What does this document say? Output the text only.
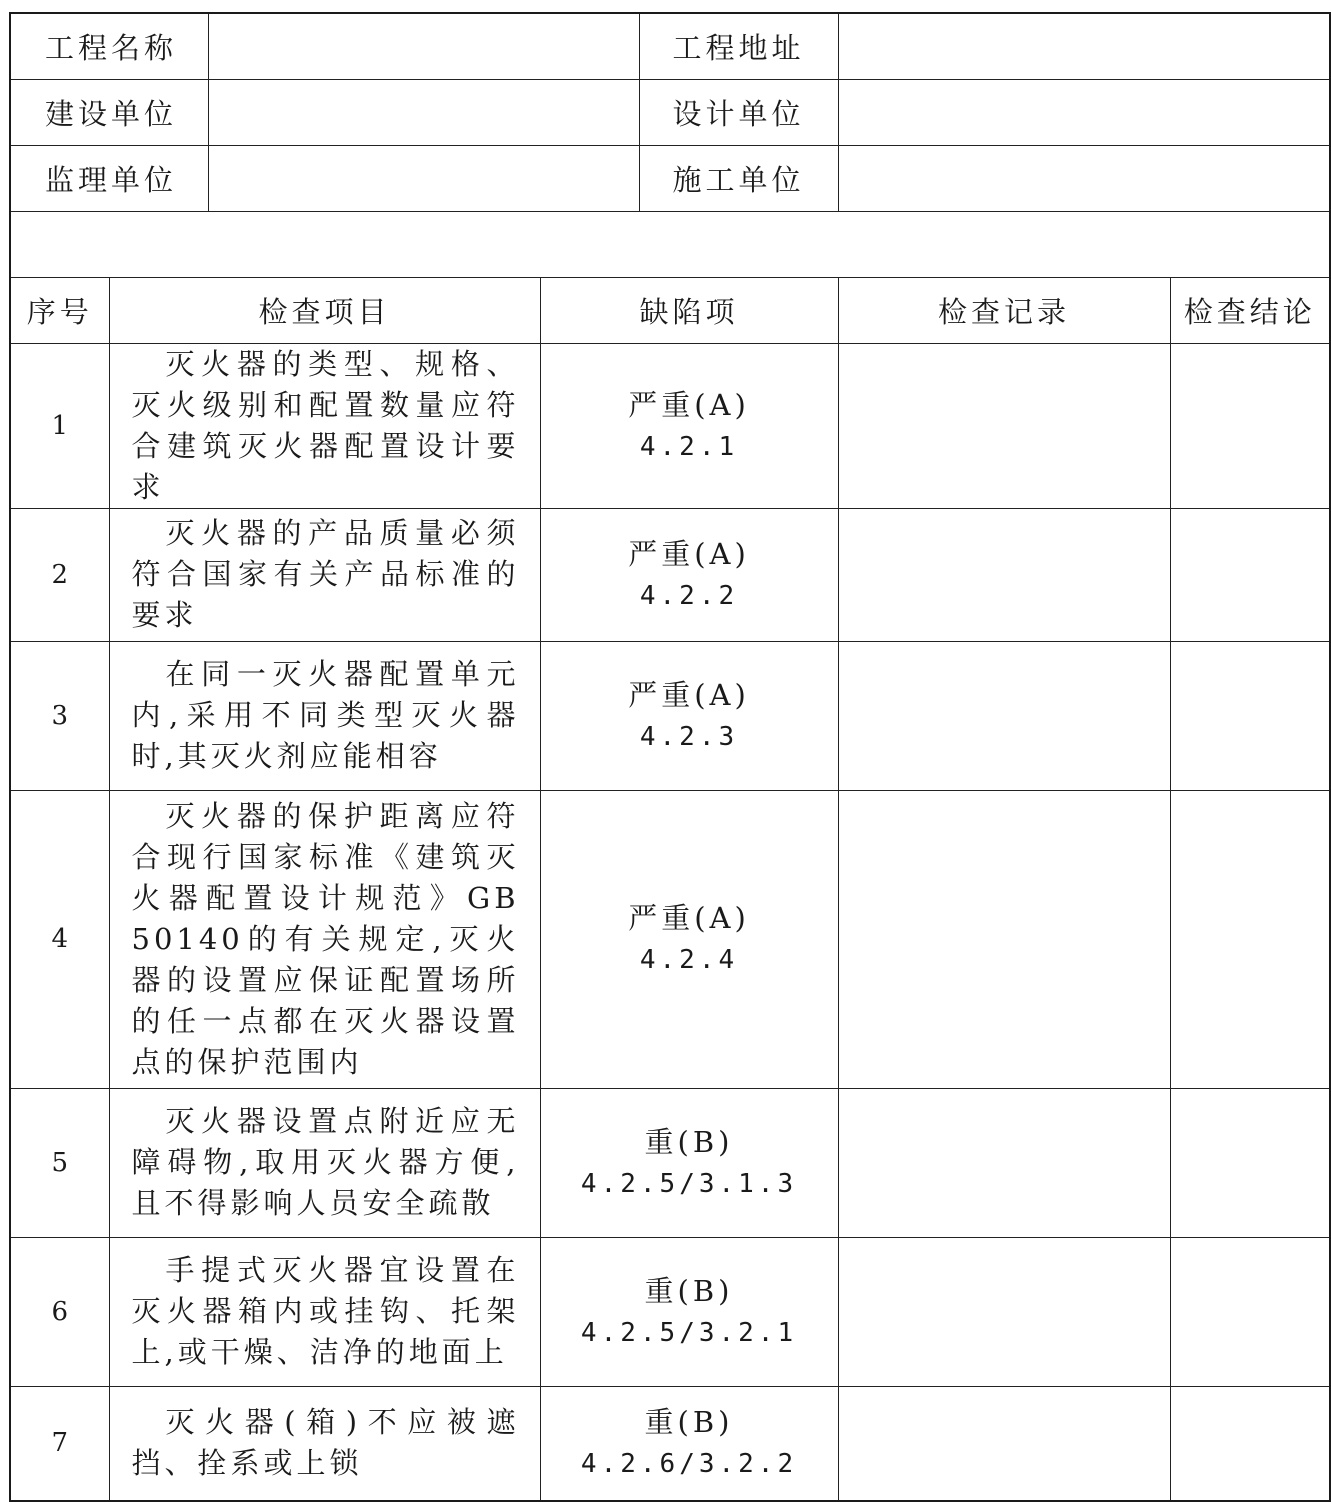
工程名称				工程地址		
建设单位				设计单位		
监理单位				施工单位		

序号	检查项目		缺陷项		检查记录	检查结论
1	灭火器的类型、规格、灭火级别和配置数量应符合建筑灭火器配置设计要求		严重(A)
4.2.1			

2	灭火器的产品质量必须符合国家有关产品标准的要求		严重(A)
4.2.2			

3	在同一灭火器配置单元内,采用不同类型灭火器时,其灭火剂应能相容		严重(A)
4.2.3			

4	灭火器的保护距离应符合现行国家标准《建筑灭火器配置设计规范》GB 50140的有关规定,灭火器的设置应保证配置场所的任一点都在灭火器设置点的保护范围内		严重(A)
4.2.4			

5	灭火器设置点附近应无障碍物,取用灭火器方便,且不得影响人员安全疏散		重(B)
4.2.5/3.1.3			

6	手提式灭火器宜设置在灭火器箱内或挂钩、托架上,或干燥、洁净的地面上		重(B)
4.2.5/3.2.1			

7	灭火器(箱)不应被遮挡、拴系或上锁		重(B)
4.2.6/3.2.2			
